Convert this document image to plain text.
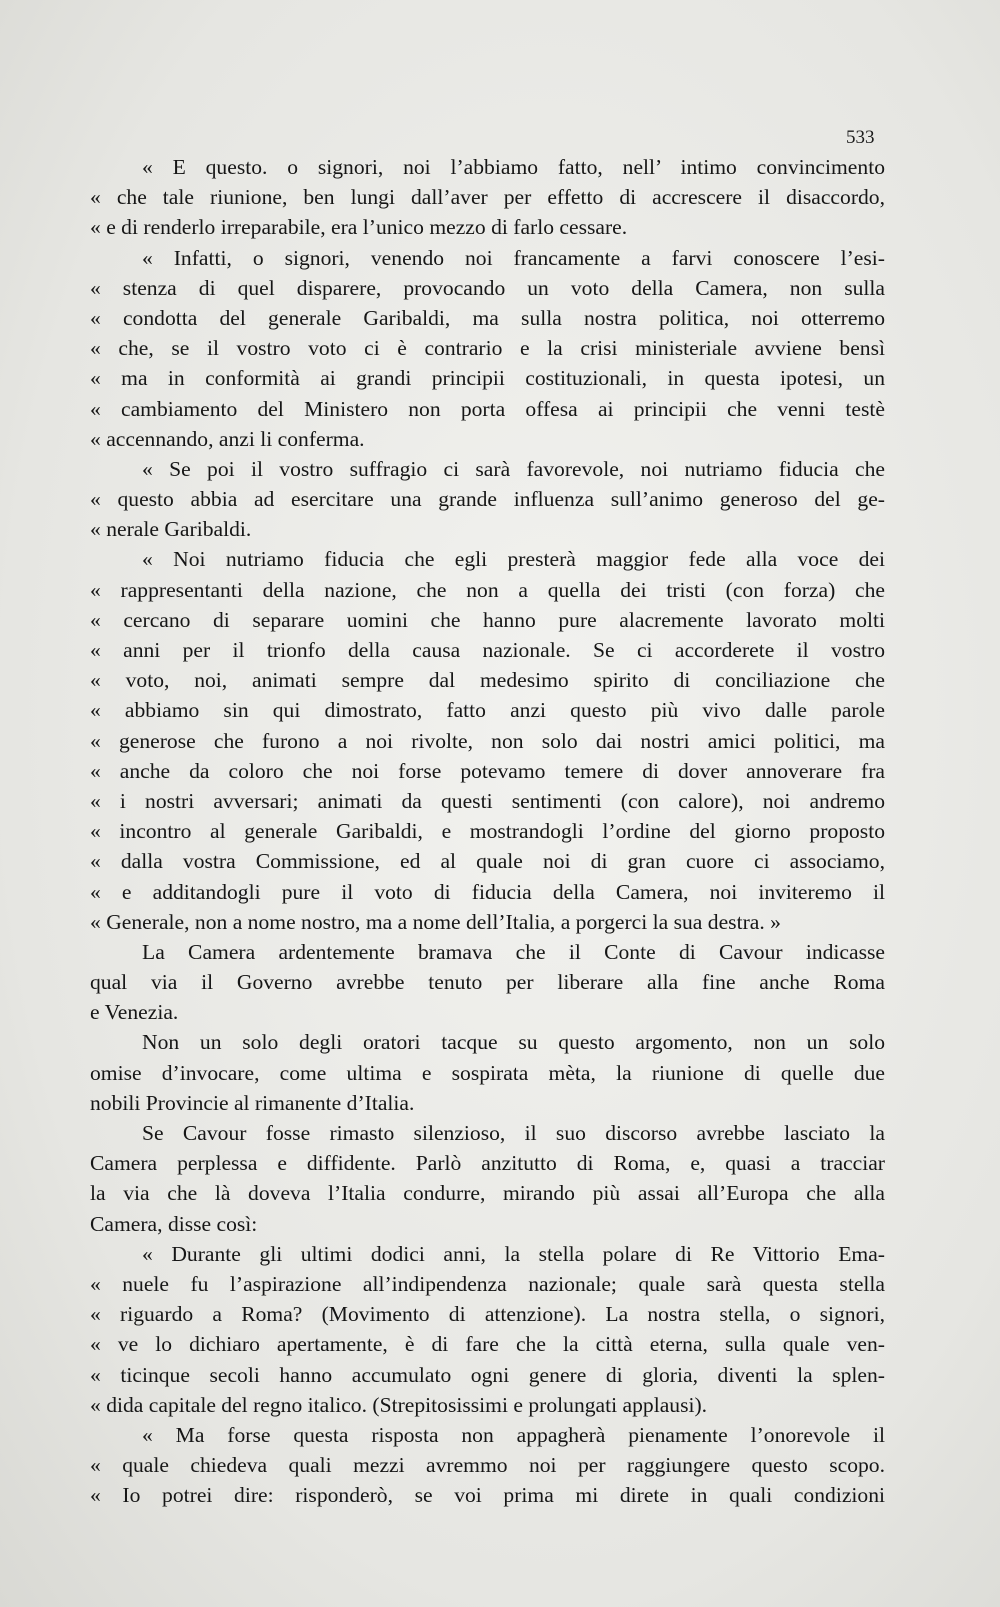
533
« E questo. o signori, noi l’abbiamo fatto, nell’ intimo convincimento
« che tale riunione, ben lungi dall’aver per effetto di accrescere il disaccordo,
« e di renderlo irreparabile, era l’unico mezzo di farlo cessare.
« Infatti, o signori, venendo noi francamente a farvi conoscere l’esi-
« stenza di quel disparere, provocando un voto della Camera, non sulla
« condotta del generale Garibaldi, ma sulla nostra politica, noi otterremo
« che, se il vostro voto ci è contrario e la crisi ministeriale avviene bensì
« ma in conformità ai grandi principii costituzionali, in questa ipotesi, un
« cambiamento del Ministero non porta offesa ai principii che venni testè
« accennando, anzi li conferma.
« Se poi il vostro suffragio ci sarà favorevole, noi nutriamo fiducia che
« questo abbia ad esercitare una grande influenza sull’animo generoso del ge-
« nerale Garibaldi.
« Noi nutriamo fiducia che egli presterà maggior fede alla voce dei
« rappresentanti della nazione, che non a quella dei tristi (con forza) che
« cercano di separare uomini che hanno pure alacremente lavorato molti
« anni per il trionfo della causa nazionale. Se ci accorderete il vostro
« voto, noi, animati sempre dal medesimo spirito di conciliazione che
« abbiamo sin qui dimostrato, fatto anzi questo più vivo dalle parole
« generose che furono a noi rivolte, non solo dai nostri amici politici, ma
« anche da coloro che noi forse potevamo temere di dover annoverare fra
« i nostri avversari; animati da questi sentimenti (con calore), noi andremo
« incontro al generale Garibaldi, e mostrandogli l’ordine del giorno proposto
« dalla vostra Commissione, ed al quale noi di gran cuore ci associamo,
« e additandogli pure il voto di fiducia della Camera, noi inviteremo il
« Generale, non a nome nostro, ma a nome dell’Italia, a porgerci la sua destra. »
La Camera ardentemente bramava che il Conte di Cavour indicasse
qual via il Governo avrebbe tenuto per liberare alla fine anche Roma
e Venezia.
Non un solo degli oratori tacque su questo argomento, non un solo
omise d’invocare, come ultima e sospirata mèta, la riunione di quelle due
nobili Provincie al rimanente d’Italia.
Se Cavour fosse rimasto silenzioso, il suo discorso avrebbe lasciato la
Camera perplessa e diffidente. Parlò anzitutto di Roma, e, quasi a tracciar
la via che là doveva l’Italia condurre, mirando più assai all’Europa che alla
Camera, disse così:
« Durante gli ultimi dodici anni, la stella polare di Re Vittorio Ema-
« nuele fu l’aspirazione all’indipendenza nazionale; quale sarà questa stella
« riguardo a Roma? (Movimento di attenzione). La nostra stella, o signori,
« ve lo dichiaro apertamente, è di fare che la città eterna, sulla quale ven-
« ticinque secoli hanno accumulato ogni genere di gloria, diventi la splen-
« dida capitale del regno italico. (Strepitosissimi e prolungati applausi).
« Ma forse questa risposta non appagherà pienamente l’onorevole il
« quale chiedeva quali mezzi avremmo noi per raggiungere questo scopo.
« Io potrei dire: risponderò, se voi prima mi direte in quali condizioni
